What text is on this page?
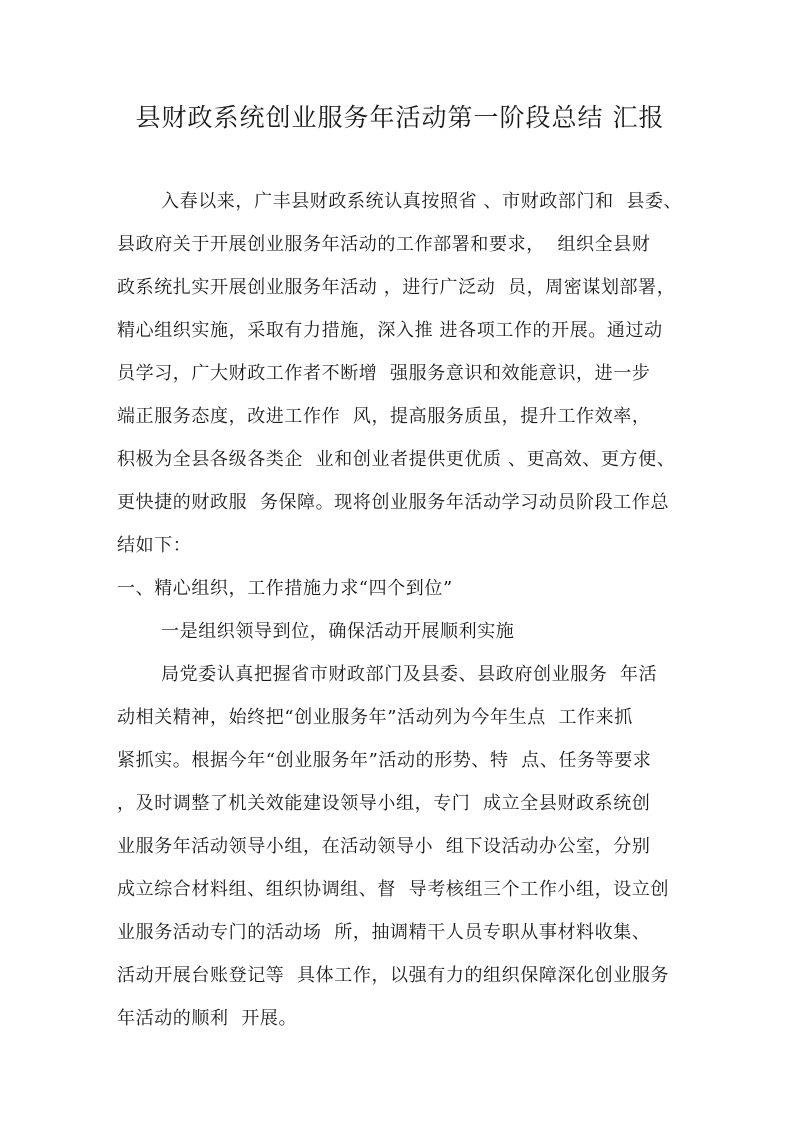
县财政系统创业服务年活动第一阶段总结 汇报
入春以来，广丰县财政系统认真按照省 、市财政部门和  县委、
县政府关于开展创业服务年活动的工作部署和要求，  组织全县财
政系统扎实开展创业服务年活动 ，进行广泛动  员，周密谋划部署，
精心组织实施，采取有力措施，深入推 进各项工作的开展。通过动
员学习，广大财政工作者不断增  强服务意识和效能意识，进一步
端正服务态度，改进工作作  风，提高服务质虽，提升工作效率，
积极为全县各级各类企  业和创业者提供更优质 、更高效、更方便、
更快捷的财政服  务保障。现将创业服务年活动学习动员阶段工作总
结如下：
一、精心组织，工作措施力求“四个到位”
一是组织领导到位，确保活动开展顺利实施
局党委认真把握省市财政部门及县委、县政府创业服务  年活
动相关精神，始终把“创业服务年”活动列为今年生点  工作来抓
紧抓实。根据今年“创业服务年”活动的形势、特  点、任务等要求
，及时调整了机关效能建设领导小组，专门  成立全县财政系统创
业服务年活动领导小组，在活动领导小  组下设活动办公室，分别
成立综合材料组、组织协调组、督  导考核组三个工作小组，设立创
业服务活动专门的活动场  所，抽调精干人员专职从事材料收集、
活动开展台账登记等  具体工作，以强有力的组织保障深化创业服务
年活动的顺利  开展。
